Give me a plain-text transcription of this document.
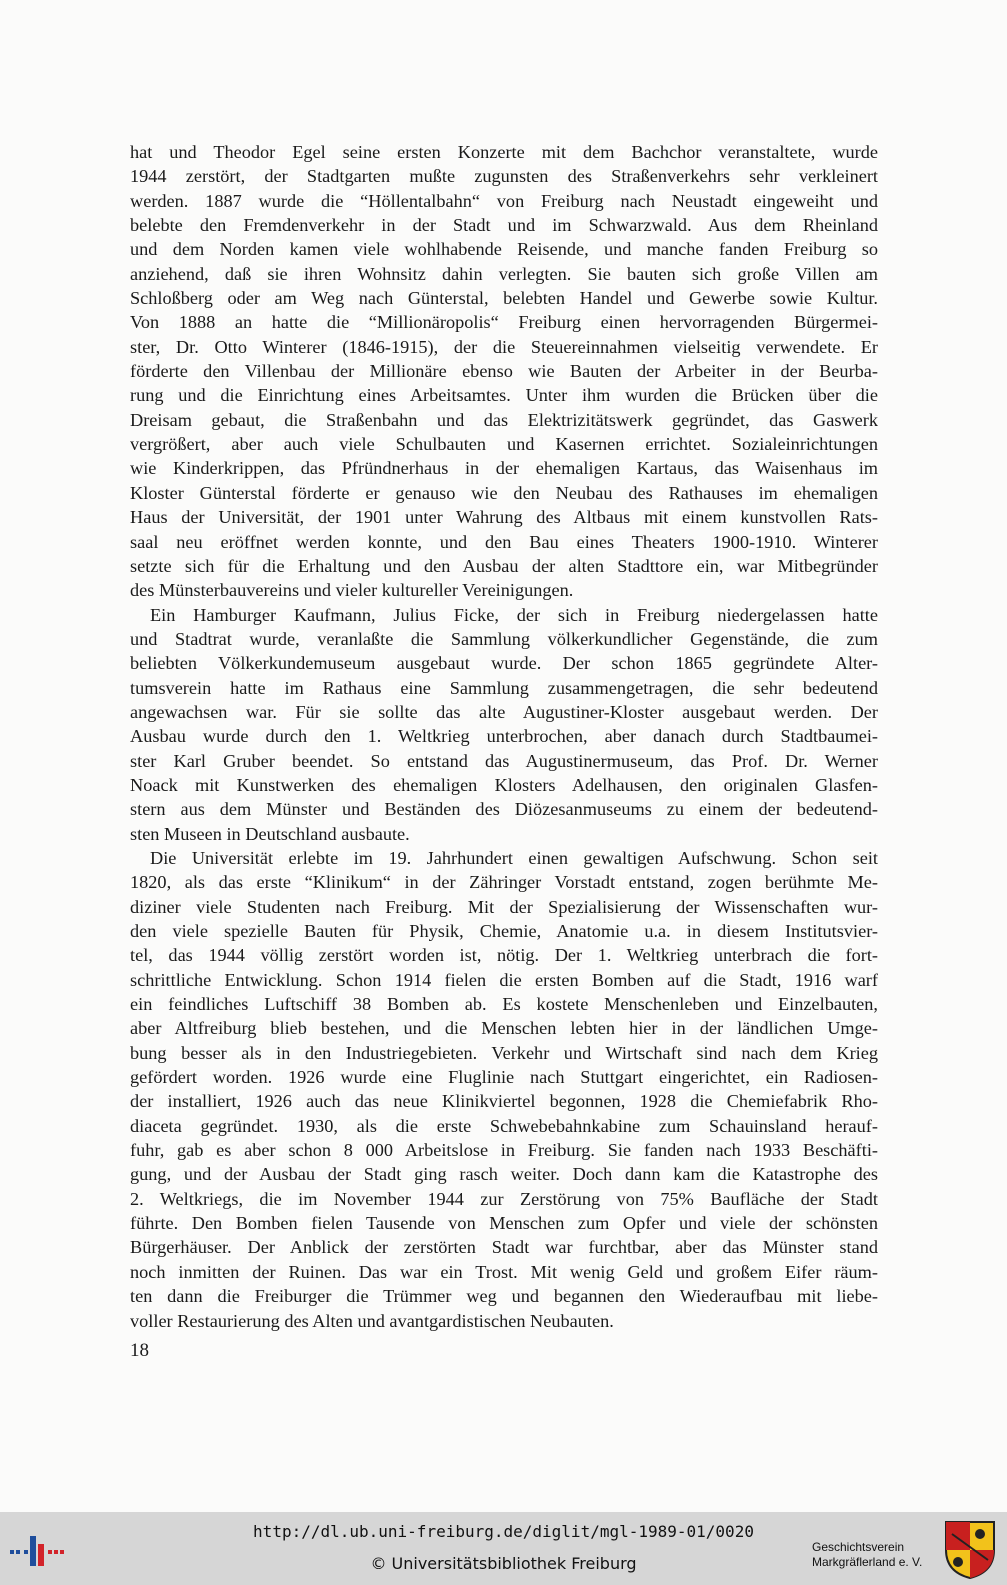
hat und Theodor Egel seine ersten Konzerte mit dem Bachchor veranstaltete, wurde
1944 zerstört, der Stadtgarten mußte zugunsten des Straßenverkehrs sehr verkleinert
werden. 1887 wurde die “Höllentalbahn“ von Freiburg nach Neustadt eingeweiht und
belebte den Fremdenverkehr in der Stadt und im Schwarzwald. Aus dem Rheinland
und dem Norden kamen viele wohlhabende Reisende, und manche fanden Freiburg so
anziehend, daß sie ihren Wohnsitz dahin verlegten. Sie bauten sich große Villen am
Schloßberg oder am Weg nach Günterstal, belebten Handel und Gewerbe sowie Kultur.
Von 1888 an hatte die “Millionäropolis“ Freiburg einen hervorragenden Bürgermei-
ster, Dr. Otto Winterer (1846-1915), der die Steuereinnahmen vielseitig verwendete. Er
förderte den Villenbau der Millionäre ebenso wie Bauten der Arbeiter in der Beurba-
rung und die Einrichtung eines Arbeitsamtes. Unter ihm wurden die Brücken über die
Dreisam gebaut, die Straßenbahn und das Elektrizitätswerk gegründet, das Gaswerk
vergrößert, aber auch viele Schulbauten und Kasernen errichtet. Sozialeinrichtungen
wie Kinderkrippen, das Pfründnerhaus in der ehemaligen Kartaus, das Waisenhaus im
Kloster Günterstal förderte er genauso wie den Neubau des Rathauses im ehemaligen
Haus der Universität, der 1901 unter Wahrung des Altbaus mit einem kunstvollen Rats-
saal neu eröffnet werden konnte, und den Bau eines Theaters 1900-1910. Winterer
setzte sich für die Erhaltung und den Ausbau der alten Stadttore ein, war Mitbegründer
des Münsterbauvereins und vieler kultureller Vereinigungen.
Ein Hamburger Kaufmann, Julius Ficke, der sich in Freiburg niedergelassen hatte
und Stadtrat wurde, veranlaßte die Sammlung völkerkundlicher Gegenstände, die zum
beliebten Völkerkundemuseum ausgebaut wurde. Der schon 1865 gegründete Alter-
tumsverein hatte im Rathaus eine Sammlung zusammengetragen, die sehr bedeutend
angewachsen war. Für sie sollte das alte Augustiner-Kloster ausgebaut werden. Der
Ausbau wurde durch den 1. Weltkrieg unterbrochen, aber danach durch Stadtbaumei-
ster Karl Gruber beendet. So entstand das Augustinermuseum, das Prof. Dr. Werner
Noack mit Kunstwerken des ehemaligen Klosters Adelhausen, den originalen Glasfen-
stern aus dem Münster und Beständen des Diözesanmuseums zu einem der bedeutend-
sten Museen in Deutschland ausbaute.
Die Universität erlebte im 19. Jahrhundert einen gewaltigen Aufschwung. Schon seit
1820, als das erste “Klinikum“ in der Zähringer Vorstadt entstand, zogen berühmte Me-
diziner viele Studenten nach Freiburg. Mit der Spezialisierung der Wissenschaften wur-
den viele spezielle Bauten für Physik, Chemie, Anatomie u.a. in diesem Institutsvier-
tel, das 1944 völlig zerstört worden ist, nötig. Der 1. Weltkrieg unterbrach die fort-
schrittliche Entwicklung. Schon 1914 fielen die ersten Bomben auf die Stadt, 1916 warf
ein feindliches Luftschiff 38 Bomben ab. Es kostete Menschenleben und Einzelbauten,
aber Altfreiburg blieb bestehen, und die Menschen lebten hier in der ländlichen Umge-
bung besser als in den Industriegebieten. Verkehr und Wirtschaft sind nach dem Krieg
gefördert worden. 1926 wurde eine Fluglinie nach Stuttgart eingerichtet, ein Radiosen-
der installiert, 1926 auch das neue Klinikviertel begonnen, 1928 die Chemiefabrik Rho-
diaceta gegründet. 1930, als die erste Schwebebahnkabine zum Schauinsland herauf-
fuhr, gab es aber schon 8 000 Arbeitslose in Freiburg. Sie fanden nach 1933 Beschäfti-
gung, und der Ausbau der Stadt ging rasch weiter. Doch dann kam die Katastrophe des
2. Weltkriegs, die im November 1944 zur Zerstörung von 75% Baufläche der Stadt
führte. Den Bomben fielen Tausende von Menschen zum Opfer und viele der schönsten
Bürgerhäuser. Der Anblick der zerstörten Stadt war furchtbar, aber das Münster stand
noch inmitten der Ruinen. Das war ein Trost. Mit wenig Geld und großem Eifer räum-
ten dann die Freiburger die Trümmer weg und begannen den Wiederaufbau mit liebe-
voller Restaurierung des Alten und avantgardistischen Neubauten.
18
http://dl.ub.uni-freiburg.de/diglit/mgl-1989-01/0020
© Universitätsbibliothek Freiburg
Geschichtsverein
Markgräflerland e. V.
